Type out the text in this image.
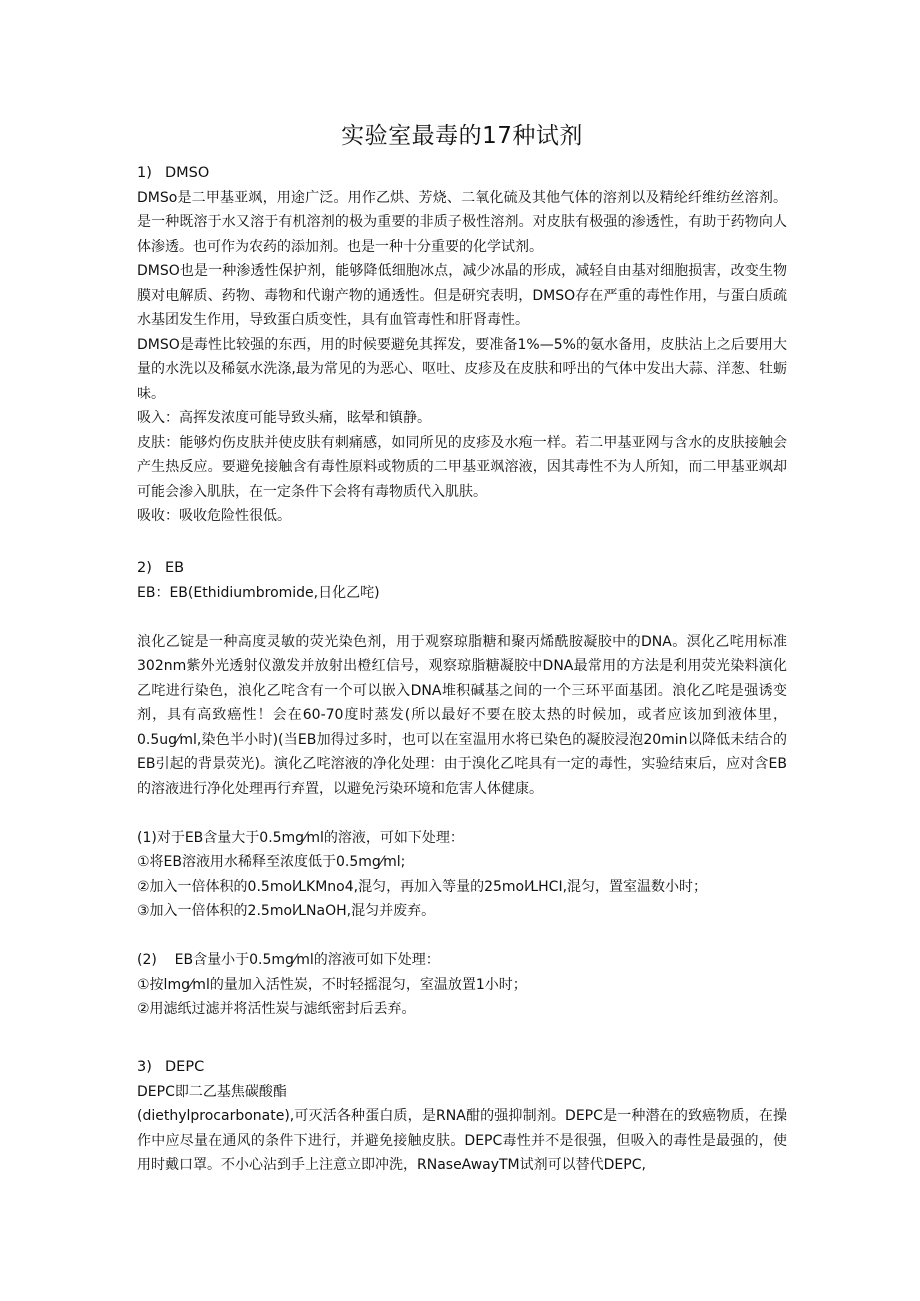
实验室最毒的17种试剂

1) DMSO

DMSo是二甲基亚飒，用途广泛。用作乙烘、芳烧、二氧化硫及其他气体的溶剂以及精纶纤维纺丝溶剂。是一种既溶于水又溶于有机溶剂的极为重要的非质子极性溶剂。对皮肤有极强的渗透性，有助于药物向人体渗透。也可作为农药的添加剂。也是一种十分重要的化学试剂。

DMSO也是一种渗透性保护剂，能够降低细胞冰点，减少冰晶的形成，减轻自由基对细胞损害，改变生物膜对电解质、药物、毒物和代谢产物的通透性。但是研究表明，DMSO存在严重的毒性作用，与蛋白质疏水基团发生作用，导致蛋白质变性，具有血管毒性和肝肾毒性。

DMSO是毒性比较强的东西，用的时候要避免其挥发，要准备1%—5%的氨水备用，皮肤沾上之后要用大量的水洗以及稀氨水洗涤,最为常见的为恶心、呕吐、皮疹及在皮肤和呼出的气体中发出大蒜、洋葱、牡蛎味。

吸入：高挥发浓度可能导致头痛，眩晕和镇静。

皮肤：能够灼伤皮肤并使皮肤有刺痛感，如同所见的皮疹及水疱一样。若二甲基亚网与含水的皮肤接触会产生热反应。要避免接触含有毒性原料或物质的二甲基亚飒溶液，因其毒性不为人所知，而二甲基亚飒却可能会渗入肌肤，在一定条件下会将有毒物质代入肌肤。

吸收：吸收危险性很低。

2) EB

EB：EB(Ethidiumbromide,日化乙咤)

浪化乙锭是一种高度灵敏的荧光染色剂，用于观察琼脂糖和聚丙烯酰胺凝胶中的DNA。溟化乙咤用标准302nm紫外光透射仪激发并放射出橙红信号，观察琼脂糖凝胶中DNA最常用的方法是利用荧光染料演化乙咤进行染色，浪化乙咤含有一个可以嵌入DNA堆积碱基之间的一个三环平面基团。浪化乙咤是强诱变剂，具有高致癌性！会在60-70度时蒸发(所以最好不要在胶太热的时候加，或者应该加到液体里，0.5ug⁄ml,染色半小时)(当EB加得过多时，也可以在室温用水将已染色的凝胶浸泡20min以降低未结合的EB引起的背景荧光)。演化乙咤溶液的净化处理：由于溴化乙咤具有一定的毒性，实验结束后，应对含EB的溶液进行净化处理再行弃置，以避免污染环境和危害人体健康。

(1)对于EB含量大于0.5mg⁄ml的溶液，可如下处理：

①将EB溶液用水稀释至浓度低于0.5mg⁄ml;

②加入一倍体积的0.5mol⁄LKMno4,混匀，再加入等量的25mol⁄LHCI,混匀，置室温数小时；

③加入一倍体积的2.5mol⁄LNaOH,混匀并废弃。

(2)    EB含量小于0.5mg⁄ml的溶液可如下处理：

①按lmg⁄ml的量加入活性炭，不时轻摇混匀，室温放置1小时；

②用滤纸过滤并将活性炭与滤纸密封后丢弃。

3) DEPC

DEPC即二乙基焦碳酸酯

(diethylprocarbonate),可灭活各种蛋白质，是RNA酣的强抑制剂。DEPC是一种潜在的致癌物质，在操作中应尽量在通风的条件下进行，并避免接触皮肤。DEPC毒性并不是很强，但吸入的毒性是最强的，使用时戴口罩。不小心沾到手上注意立即冲洗，RNaseAwayTM试剂可以替代DEPC,
